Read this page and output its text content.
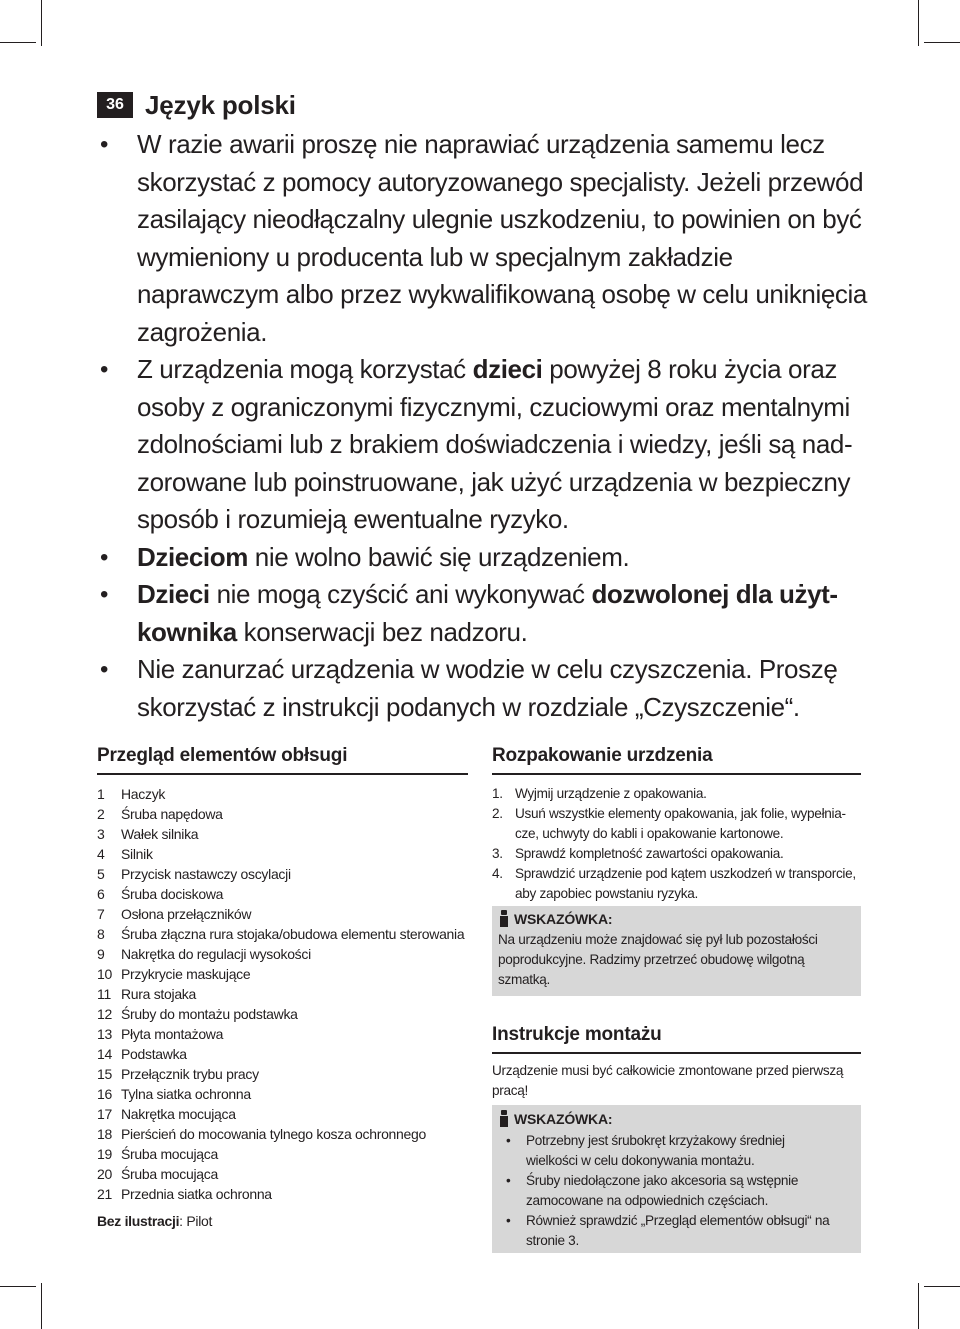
36 Język polski
• W razie awarii proszę nie naprawiać urządzenia samemu lecz skorzystać z pomocy autoryzowanego specjalisty. Jeżeli przewód zasilający nieodłączalny ulegnie uszkodzeniu, to powinien on być wymieniony u producenta lub w specjalnym zakładzie naprawczym albo przez wykwalifikowaną osobę w celu uniknięcia zagrożenia.
• Z urządzenia mogą korzystać dzieci powyżej 8 roku życia oraz osoby z ograniczonymi fizycznymi, czuciowymi oraz mentalnymi zdolnościami lub z brakiem doświadczenia i wiedzy, jeśli są nadzorowane lub poinstruowane, jak użyć urządzenia w bezpieczny sposób i rozumieją ewentualne ryzyko.
• Dzieciom nie wolno bawić się urządzeniem.
• Dzieci nie mogą czyścić ani wykonywać dozwolonej dla użytkownika konserwacji bez nadzoru.
• Nie zanurzać urządzenia w wodzie w celu czyszczenia. Proszę skorzystać z instrukcji podanych w rozdziale „Czyszczenie“.
Przegląd elementów obłsugi
1	Haczyk
2	Śruba napędowa
3	Wałek silnika
4	Silnik
5	Przycisk nastawczy oscylacji
6	Śruba dociskowa
7	Osłona przełączników
8	Śruba złączna rura stojaka/obudowa elementu sterowania
9	Nakrętka do regulacji wysokości
10 Przykrycie maskujące
11 Rura stojaka
12 Śruby do montażu podstawka
13 Płyta montażowa
14 Podstawka
15 Przełącznik trybu pracy
16 Tylna siatka ochronna
17 Nakrętka mocująca
18 Pierścień do mocowania tylnego kosza ochronnego
19 Śruba mocująca
20 Śruba mocująca
21 Przednia siatka ochronna
Bez ilustracji: Pilot
Rozpakowanie urzdzenia
1. Wyjmij urządzenie z opakowania.
2. Usuń wszystkie elementy opakowania, jak folie, wypełniacze, uchwyty do kabli i opakowanie kartonowe.
3. Sprawdź kompletność zawartości opakowania.
4. Sprawdzić urządzenie pod kątem uszkodzeń w transporcie, aby zapobiec powstaniu ryzyka.
WSKAZÓWKA:
Na urządzeniu może znajdować się pył lub pozostałości poprodukcyjne. Radzimy przetrzeć obudowę wilgotną szmatką.
Instrukcje montażu
Urządzenie musi być całkowicie zmontowane przed pierwszą pracą!
WSKAZÓWKA:
• Potrzebny jest śrubokręt krzyżakowy średniej wielkości w celu dokonywania montażu.
• Śruby niedołączone jako akcesoria są wstępnie zamocowane na odpowiednich częściach.
• Również sprawdzić „Przegląd elementów obłsugi“ na stronie 3.
